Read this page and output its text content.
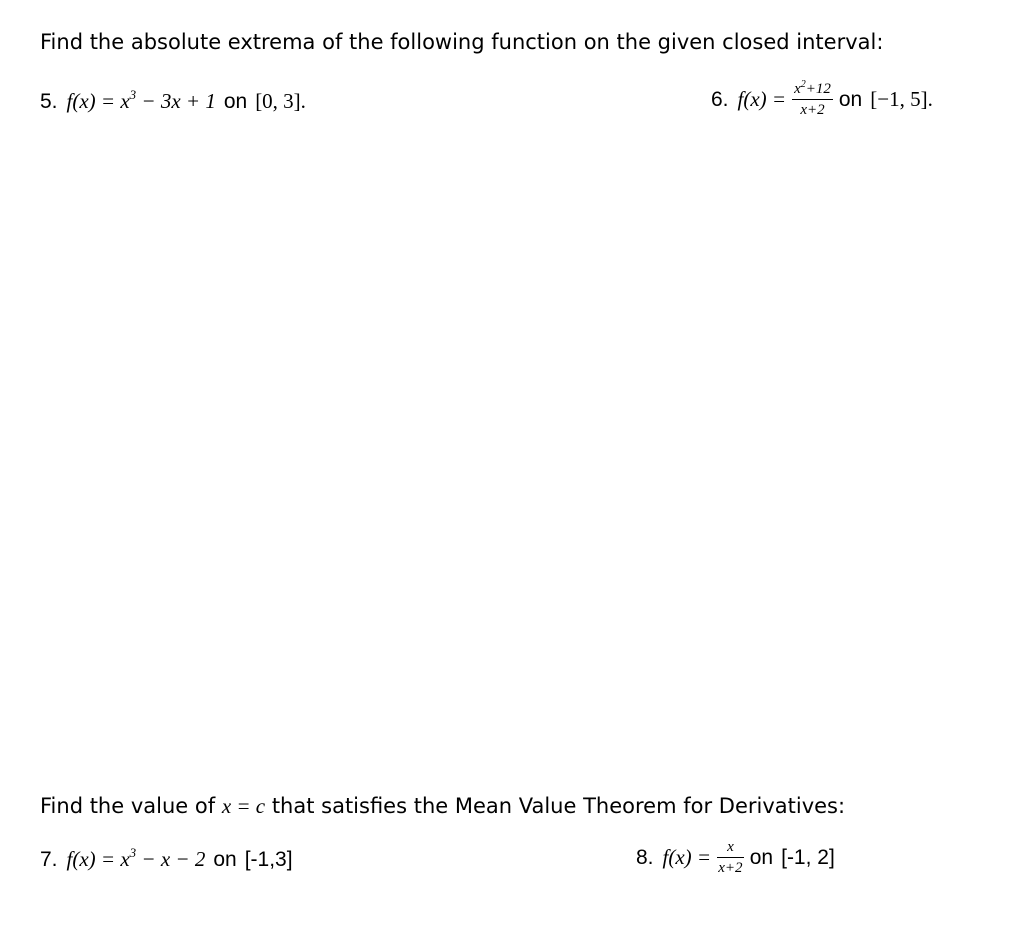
Find the absolute extrema of the following function on the given closed interval:
5. $f(x) = x^3 - 3x + 1$ on [0, 3].	6. $f(x) = \frac{x^2+12}{x+2}$ on [−1, 5].
Find the value of x = c that satisfies the Mean Value Theorem for Derivatives:
7. $f(x) = x^3 - x - 2$ on [-1,3]	8. $f(x) = \frac{x}{x+2}$ on [-1, 2]
